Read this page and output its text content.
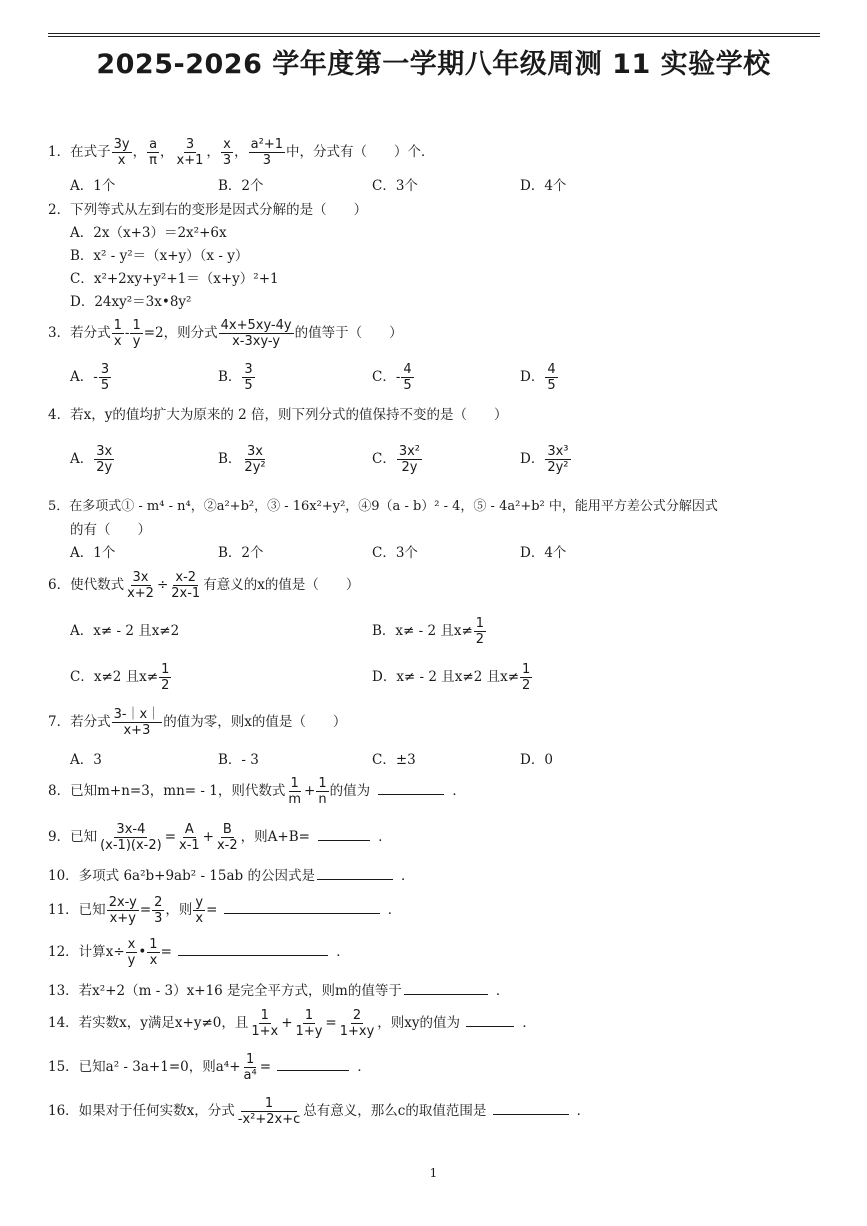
2025-2026 学年度第一学期八年级周测 11 实验学校
1．在式子 $\frac{3y}{x}$ ， $\frac{a}{\pi}$ ， $\frac{3}{x+1}$ ， $\frac{x}{3}$ ， $\frac{\text{a²+1}}{3}$ 中，分式有（　　）个．
A．1个	B．2个	C．3个	D．4个
2．下列等式从左到右的变形是因式分解的是（　　）
A．2x（x+3）＝2x²+6x
B．x² - y²＝（x+y）（x - y）
C．x²+2xy+y²+1＝（x+y）²+1
D．24xy²＝3x•8y²
3．若分式 $\frac{1}{x} - \frac{1}{y} =2$，则分式 $\frac{4x+5xy-4y}{x-3xy-y}$ 的值等于（　　）
A．- $\frac{3}{5}$	B． $\frac{3}{5}$	C．- $\frac{4}{5}$	D． $\frac{4}{5}$
4．若x，y的值均扩大为原来的 2 倍，则下列分式的值保持不变的是（　　）
A． $\frac{3x}{2y}$	B． $\frac{3x}{\text{2y²}}$	C． $\frac{\text{3x²}}{2y}$	D． $\frac{\text{3x³}}{\text{2y²}}$
5．在多项式① - m⁴ - n⁴，②a²+b²，③ - 16x²+y²，④9（a - b）² - 4，⑤ - 4a²+b² 中，能用平方差公式分解因式
的有（　　）
A．1个	B．2个	C．3个	D．4个
6．使代数式 $\frac{3x}{x+2} \div \frac{x-2}{2x-1}$ 有意义的x的值是（　　）
A．x≠ - 2 且x≠2	B．x≠ - 2 且$x\ne \frac{1}{2}$
C．x≠2 且$x\ne \frac{1}{2}$	D．x≠ - 2 且x≠2 且$x\ne \frac{1}{2}$
7．若分式 $\frac{3-|x|}{x+3}$ 的值为零，则x的值是（　　）
A．3	B．- 3	C．±3	D．0
8．已知m+n=3，mn= - 1，则代数式 $\frac{1}{m} + \frac{1}{n}$ 的值为	．
9．已知 $\frac{3x-4}{(x-1)(x-2)} = \frac{A}{x-1} + \frac{B}{x-2}$ ，则A+B=	．
10．多项式 6a²b+9ab² - 15ab 的公因式是	．
11．已知 $\frac{2x-y}{x+y} = \frac{2}{3}$ ，则 $\frac{y}{x}$ =	．
12．计算$x\div \frac{x}{y}$ • $\frac{1}{x}$ =	．
13．若x²+2（m - 3）x+16 是完全平方式，则m的值等于	．
14．若实数x，y满足x+y≠0，且 $\frac{1}{1+x} + \frac{1}{1+y} = \frac{2}{1+xy}$ ，则xy的值为	．
15．已知a² - 3a+1=0，则$a^4+ \frac{1}{\text{a⁴}}$ =	．
16．如果对于任何实数x，分式 $\frac{1}{\text{-x²+2x+c}}$ 总有意义，那么c的取值范围是	．
1
